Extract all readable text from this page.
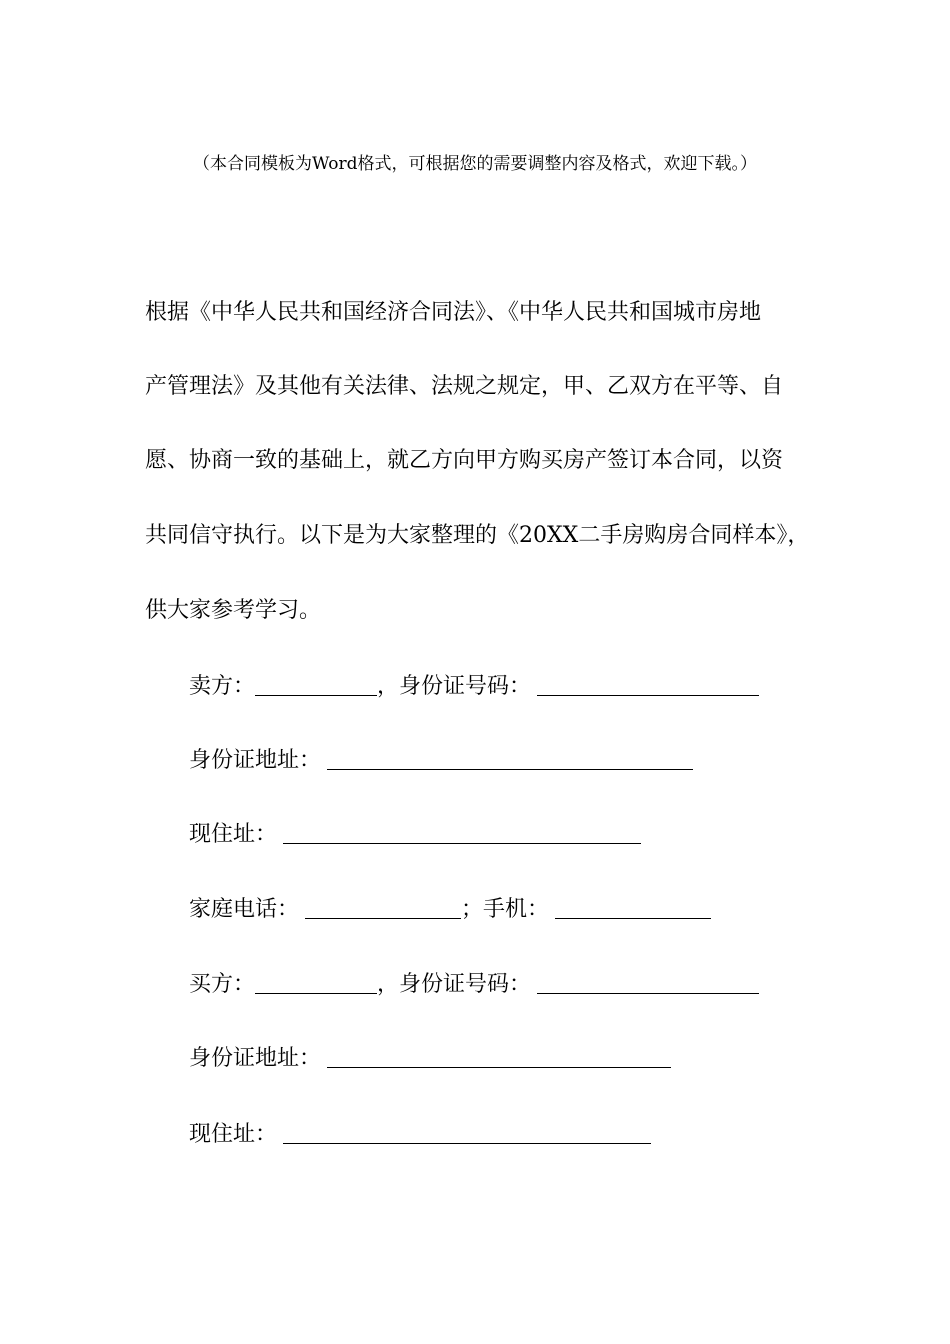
（本合同模板为Word格式，可根据您的需要调整内容及格式，欢迎下载。）
根据《中华人民共和国经济合同法》、《中华人民共和国城市房地
产管理法》及其他有关法律、法规之规定，甲、乙双方在平等、自
愿、协商一致的基础上，就乙方向甲方购买房产签订本合同，以资
共同信守执行。以下是为大家整理的《20XX二手房购房合同样本》，
供大家参考学习。
卖方：	，身份证号码：
身份证地址：
现住址：
家庭电话：	；手机：
买方：	，身份证号码：
身份证地址：
现住址：
